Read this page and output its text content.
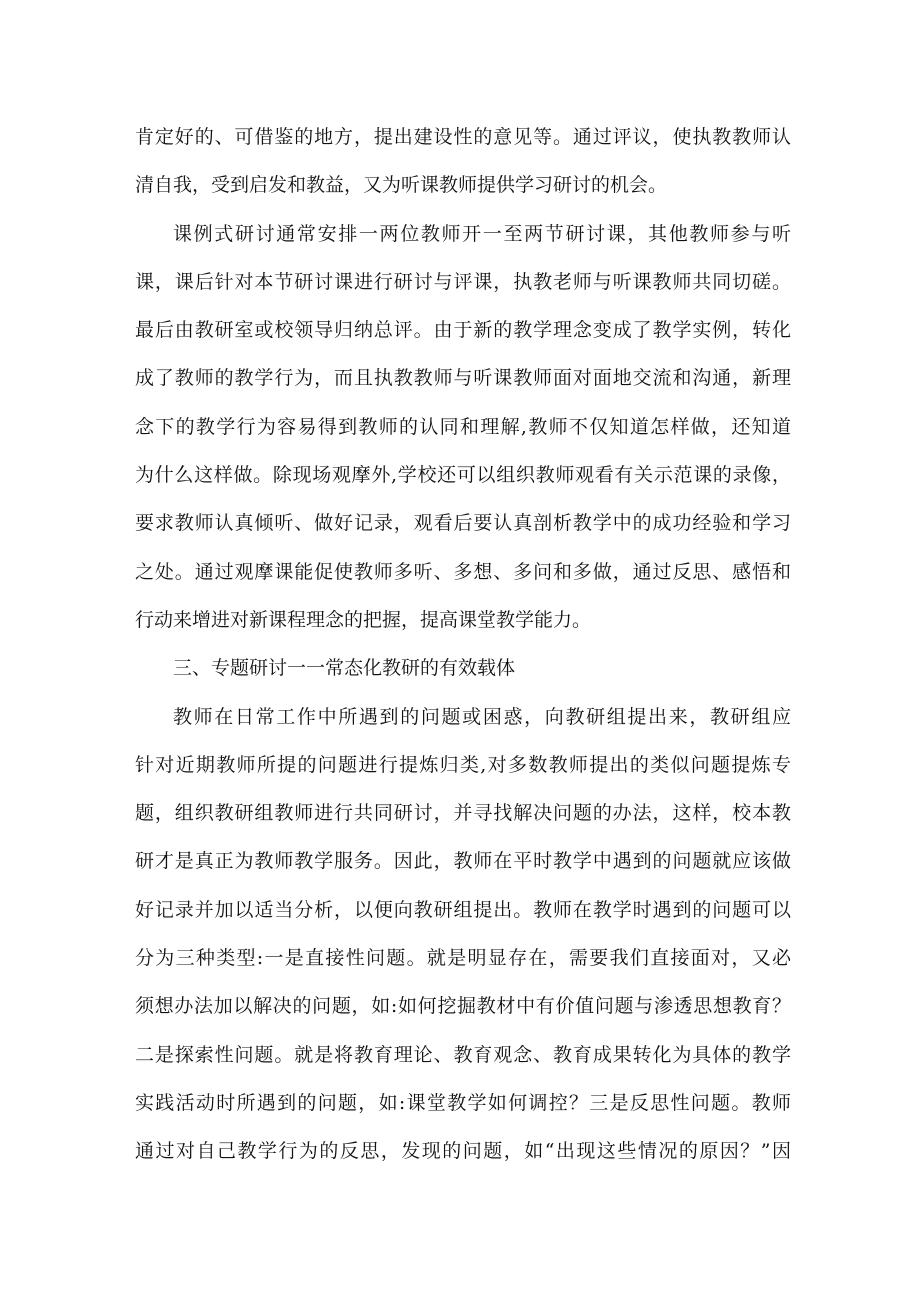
肯定好的、可借鉴的地方，提出建设性的意见等。通过评议，使执教教师认
清自我，受到启发和教益，又为听课教师提供学习研讨的机会。
课例式研讨通常安排一两位教师开一至两节研讨课，其他教师参与听
课，课后针对本节研讨课进行研讨与评课，执教老师与听课教师共同切磋。
最后由教研室或校领导归纳总评。由于新的教学理念变成了教学实例，转化
成了教师的教学行为，而且执教教师与听课教师面对面地交流和沟通，新理
念下的教学行为容易得到教师的认同和理解,教师不仅知道怎样做，还知道
为什么这样做。除现场观摩外,学校还可以组织教师观看有关示范课的录像，
要求教师认真倾听、做好记录，观看后要认真剖析教学中的成功经验和学习
之处。通过观摩课能促使教师多听、多想、多问和多做，通过反思、感悟和
行动来增进对新课程理念的把握，提高课堂教学能力。
三、专题研讨一一常态化教研的有效载体
教师在日常工作中所遇到的问题或困惑，向教研组提出来，教研组应
针对近期教师所提的问题进行提炼归类,对多数教师提出的类似问题提炼专
题，组织教研组教师进行共同研讨，并寻找解决问题的办法，这样，校本教
研才是真正为教师教学服务。因此，教师在平时教学中遇到的问题就应该做
好记录并加以适当分析，以便向教研组提出。教师在教学时遇到的问题可以
分为三种类型:一是直接性问题。就是明显存在，需要我们直接面对，又必
须想办法加以解决的问题，如:如何挖掘教材中有价值问题与渗透思想教育？
二是探索性问题。就是将教育理论、教育观念、教育成果转化为具体的教学
实践活动时所遇到的问题，如:课堂教学如何调控？三是反思性问题。教师
通过对自己教学行为的反思，发现的问题，如“出现这些情况的原因？”因
